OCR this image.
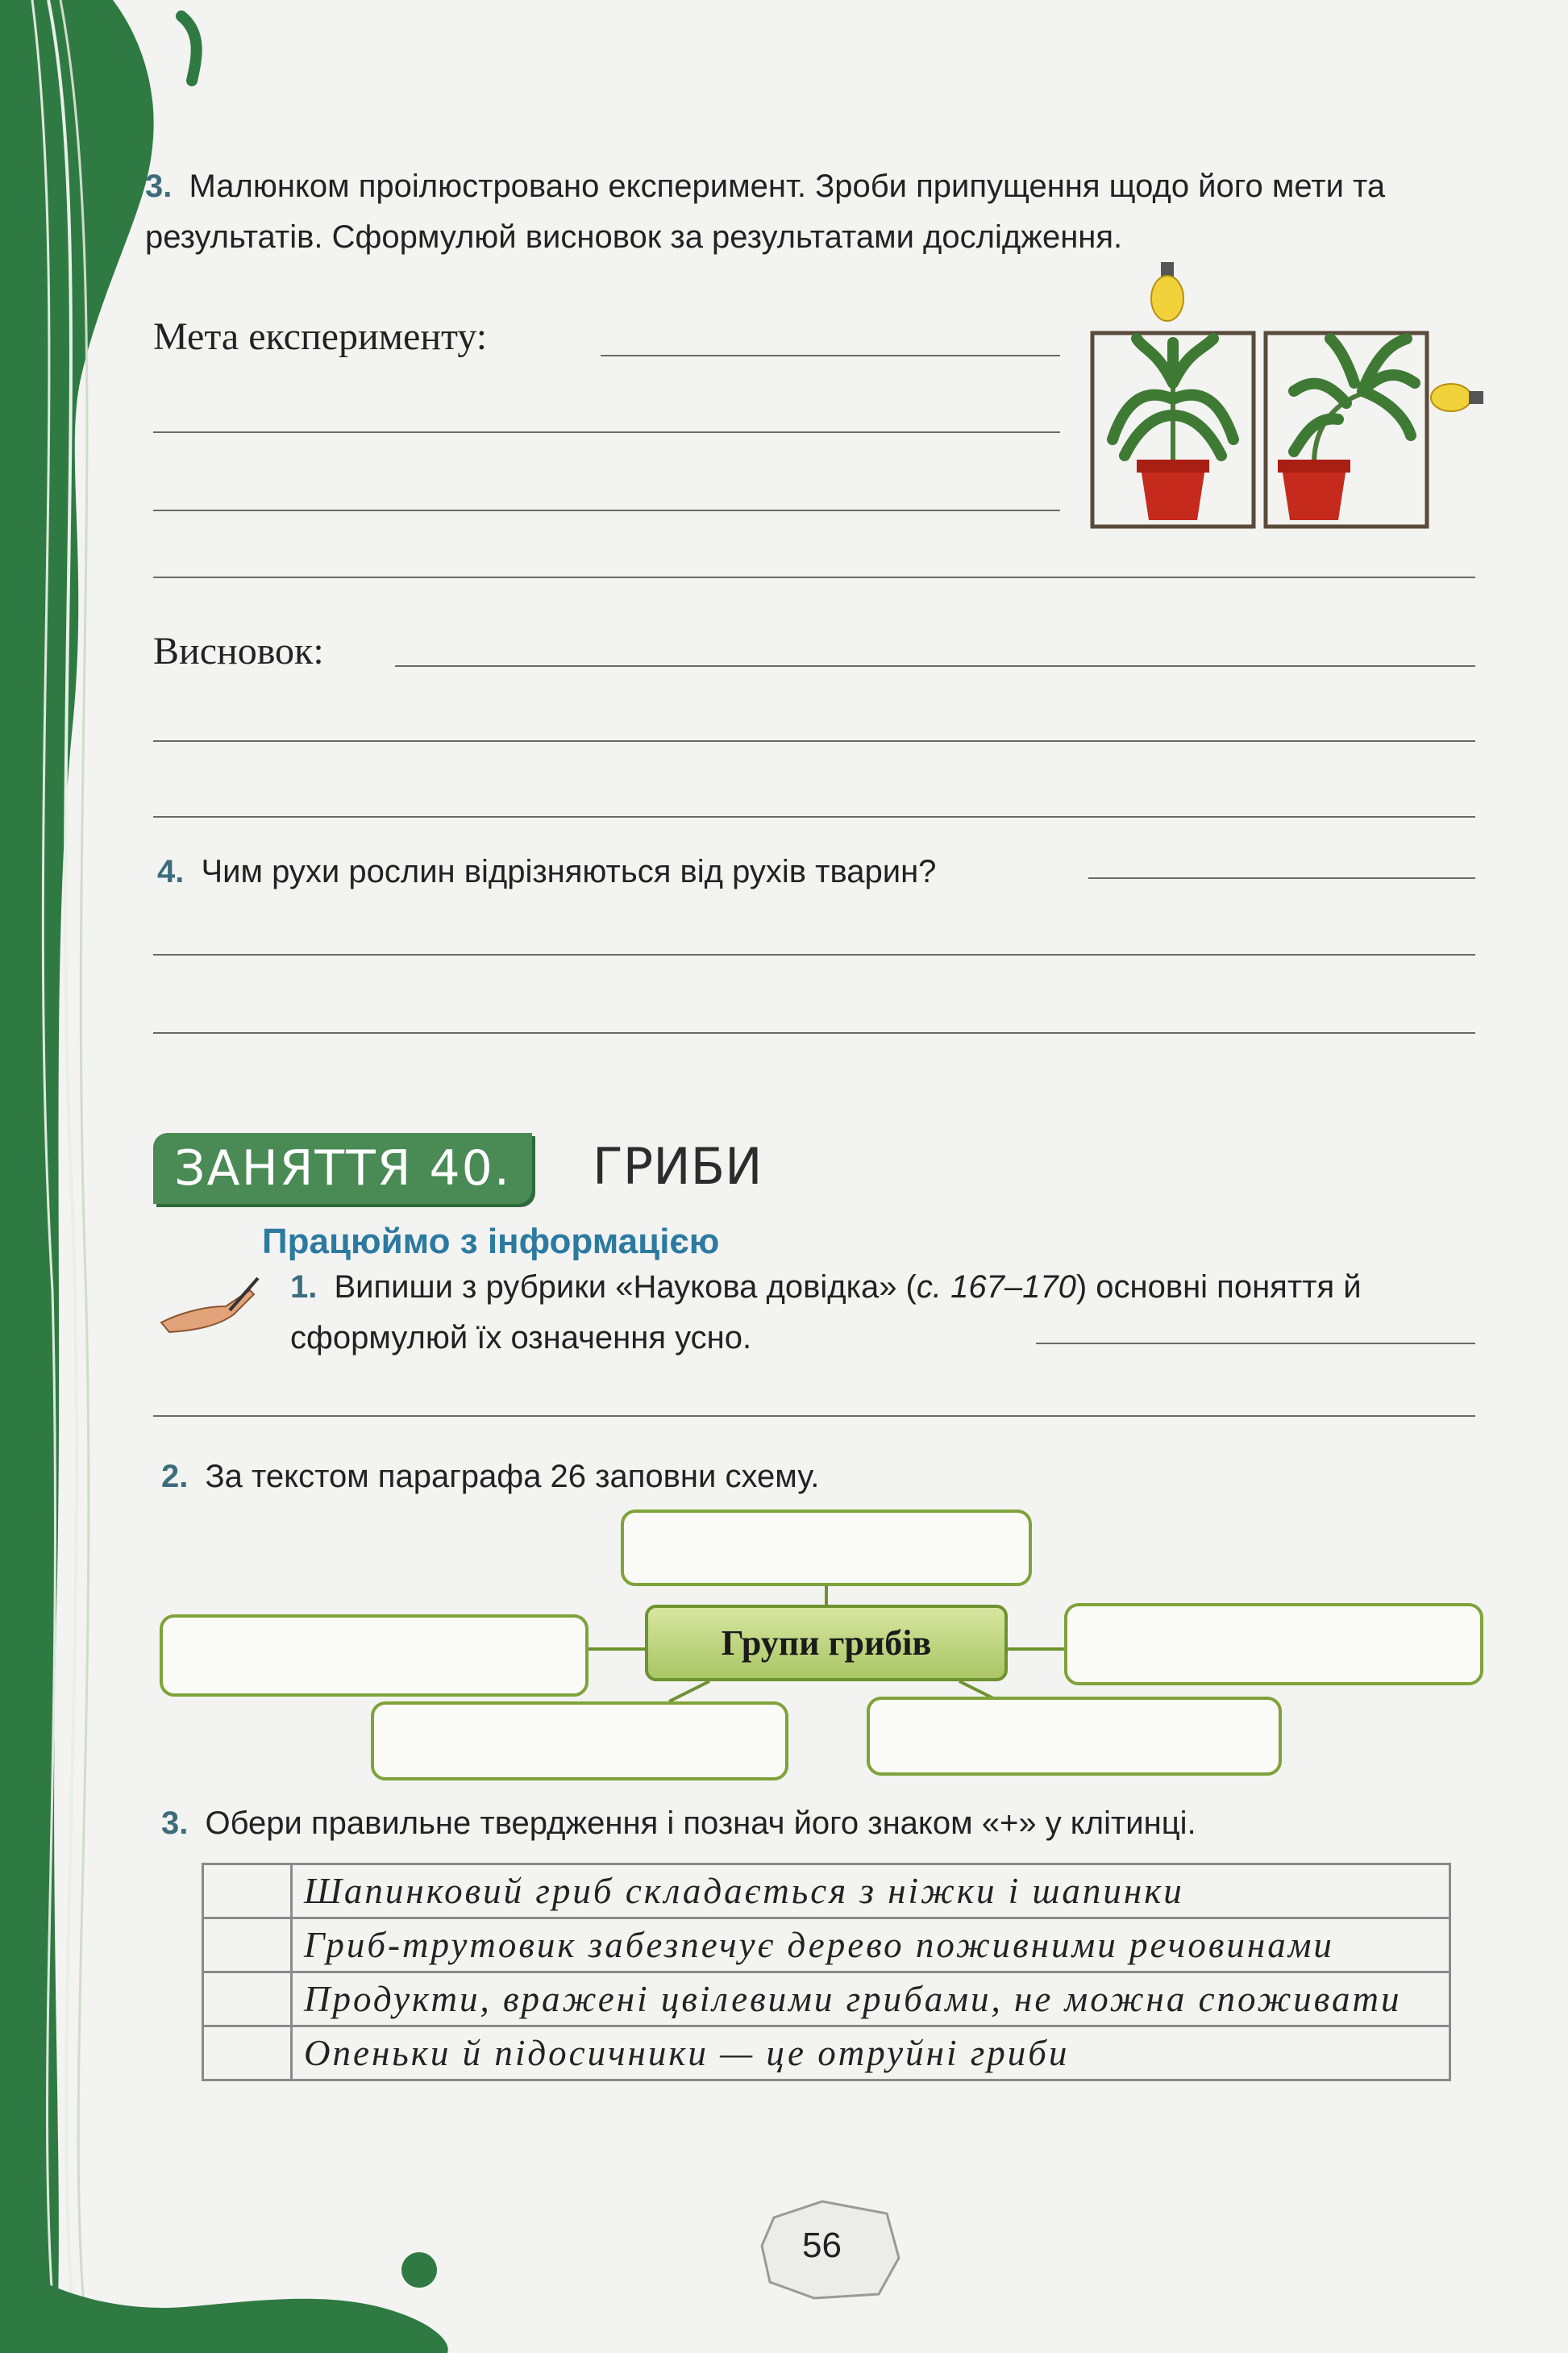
3. Малюнком проілюстровано експеримент. Зроби припущення щодо його мети та результатів. Сформулюй висновок за результатами дослідження.
Мета експерименту:
Висновок:
4. Чим рухи рослин відрізняються від рухів тварин?
ЗАНЯТТЯ 40. ГРИБИ
Працюймо з інформацією
1. Випиши з рубрики «Наукова довідка» (с. 167–170) основні поняття й сформулюй їх означення усно.
2. За текстом параграфа 26 заповни схему.
Групи грибів
3. Обери правильне твердження і познач його знаком «+» у клітинці.
	Шапинковий гриб складається з ніжки і шапинки
	Гриб-трутовик забезпечує дерево поживними речовинами
	Продукти, вражені цвілевими грибами, не можна споживати
	Опеньки й підосичники — це отруйні гриби
56
